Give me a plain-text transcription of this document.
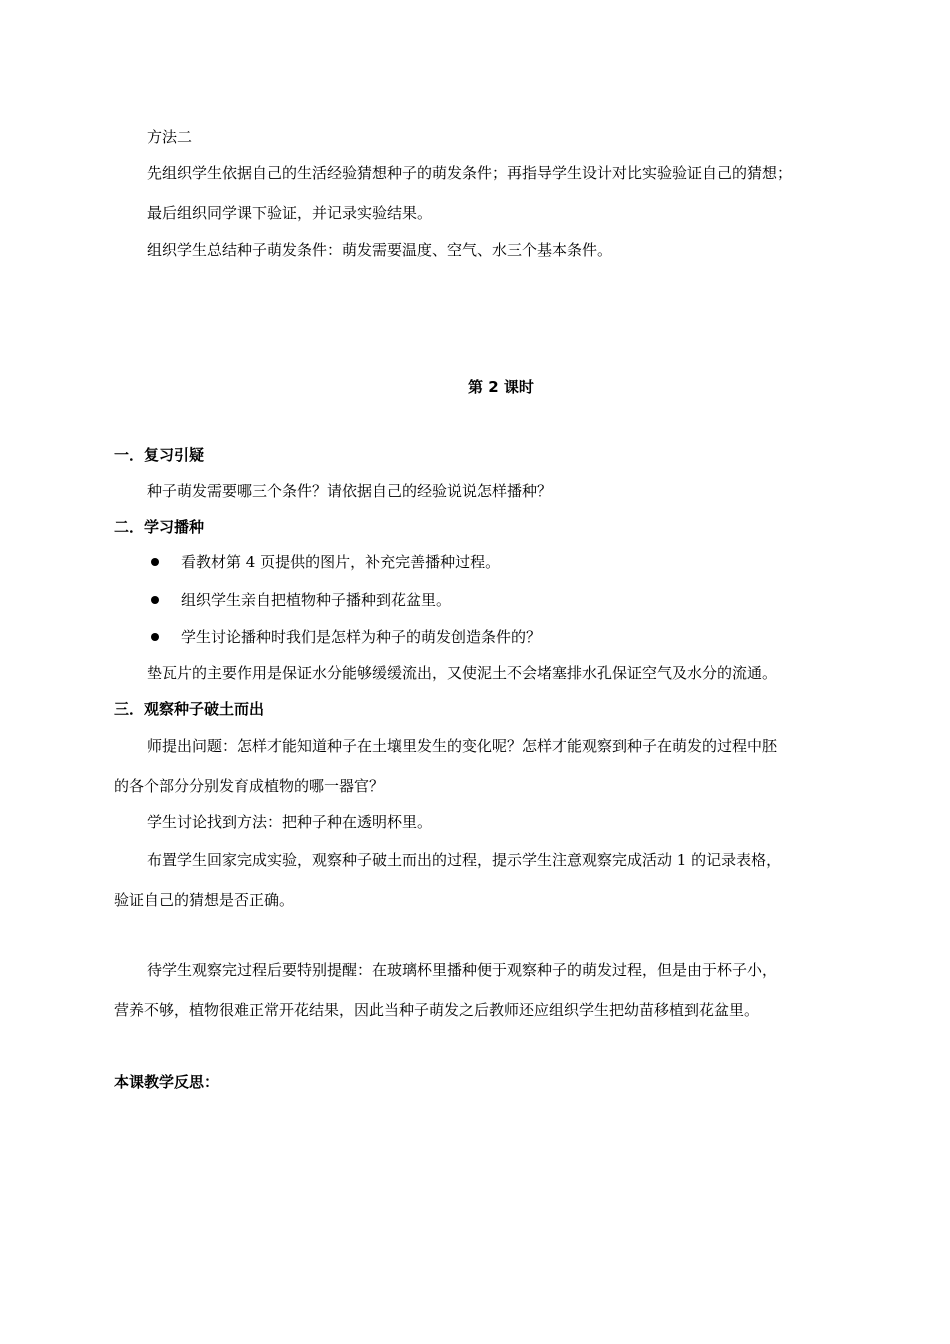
方法二
先组织学生依据自己的生活经验猜想种子的萌发条件；再指导学生设计对比实验验证自己的猜想；
最后组织同学课下验证，并记录实验结果。
组织学生总结种子萌发条件：萌发需要温度、空气、水三个基本条件。
第 2 课时
一．复习引疑
种子萌发需要哪三个条件？请依据自己的经验说说怎样播种？
二．学习播种
看教材第 4 页提供的图片，补充完善播种过程。
组织学生亲自把植物种子播种到花盆里。
学生讨论播种时我们是怎样为种子的萌发创造条件的？
垫瓦片的主要作用是保证水分能够缓缓流出，又使泥土不会堵塞排水孔保证空气及水分的流通。
三．观察种子破土而出
师提出问题：怎样才能知道种子在土壤里发生的变化呢？怎样才能观察到种子在萌发的过程中胚
的各个部分分别发育成植物的哪一器官？
学生讨论找到方法：把种子种在透明杯里。
布置学生回家完成实验，观察种子破土而出的过程，提示学生注意观察完成活动 1 的记录表格，
验证自己的猜想是否正确。
待学生观察完过程后要特别提醒：在玻璃杯里播种便于观察种子的萌发过程，但是由于杯子小，
营养不够，植物很难正常开花结果，因此当种子萌发之后教师还应组织学生把幼苗移植到花盆里。
本课教学反思：
